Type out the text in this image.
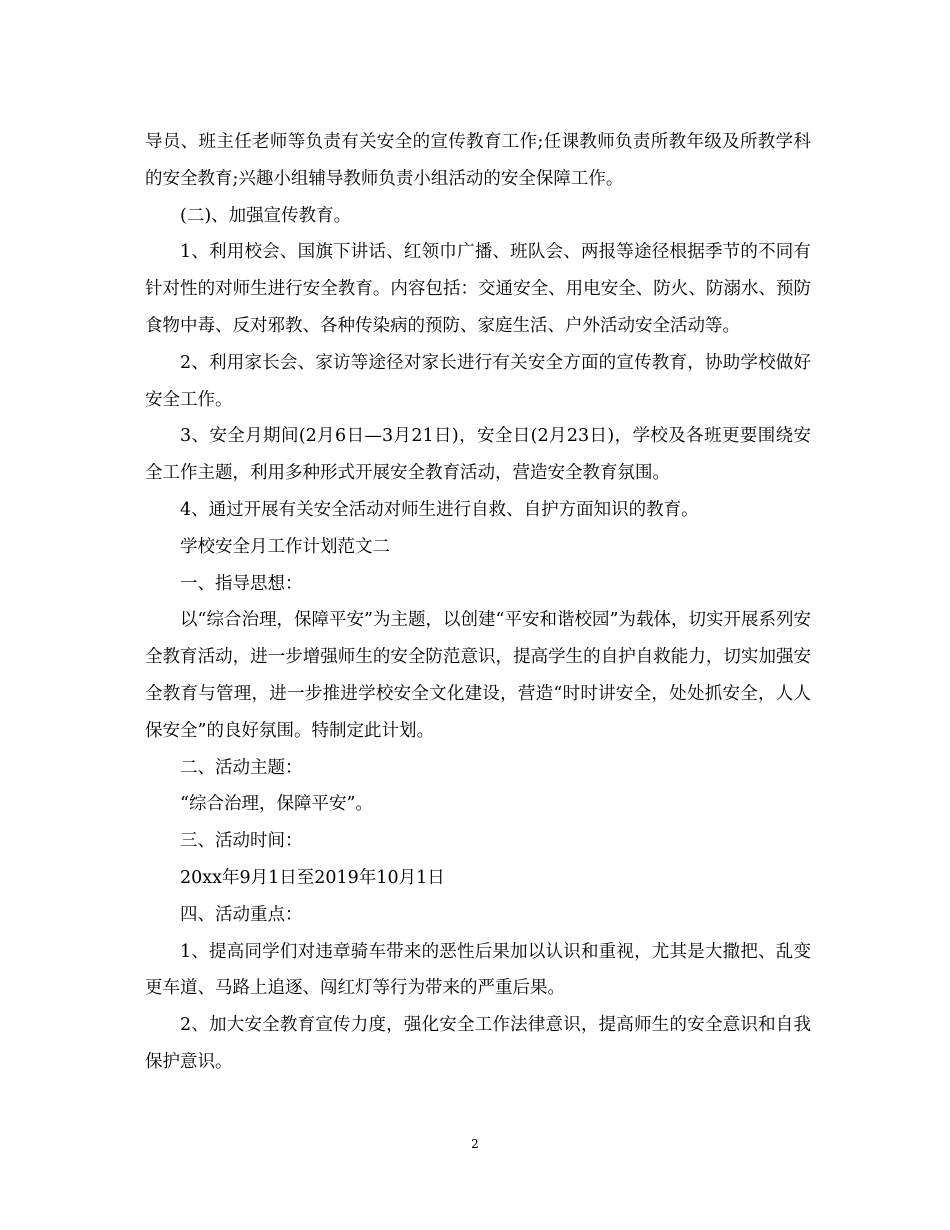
导员、班主任老师等负责有关安全的宣传教育工作;任课教师负责所教年级及所教学科的安全教育;兴趣小组辅导教师负责小组活动的安全保障工作。

(二)、加强宣传教育。

1、利用校会、国旗下讲话、红领巾广播、班队会、两报等途径根据季节的不同有针对性的对师生进行安全教育。内容包括：交通安全、用电安全、防火、防溺水、预防食物中毒、反对邪教、各种传染病的预防、家庭生活、户外活动安全活动等。

2、利用家长会、家访等途径对家长进行有关安全方面的宣传教育，协助学校做好安全工作。

3、安全月期间(2月6日—3月21日)，安全日(2月23日)，学校及各班更要围绕安全工作主题，利用多种形式开展安全教育活动，营造安全教育氛围。

4、通过开展有关安全活动对师生进行自救、自护方面知识的教育。

学校安全月工作计划范文二

一、指导思想：

以“综合治理，保障平安”为主题，以创建“平安和谐校园”为载体，切实开展系列安全教育活动，进一步增强师生的安全防范意识，提高学生的自护自救能力，切实加强安全教育与管理，进一步推进学校安全文化建设，营造“时时讲安全，处处抓安全，人人保安全”的良好氛围。特制定此计划。

二、活动主题：

“综合治理，保障平安”。

三、活动时间：

20xx年9月1日至2019年10月1日

四、活动重点：

1、提高同学们对违章骑车带来的恶性后果加以认识和重视，尤其是大撒把、乱变更车道、马路上追逐、闯红灯等行为带来的严重后果。

2、加大安全教育宣传力度，强化安全工作法律意识，提高师生的安全意识和自我保护意识。

2
